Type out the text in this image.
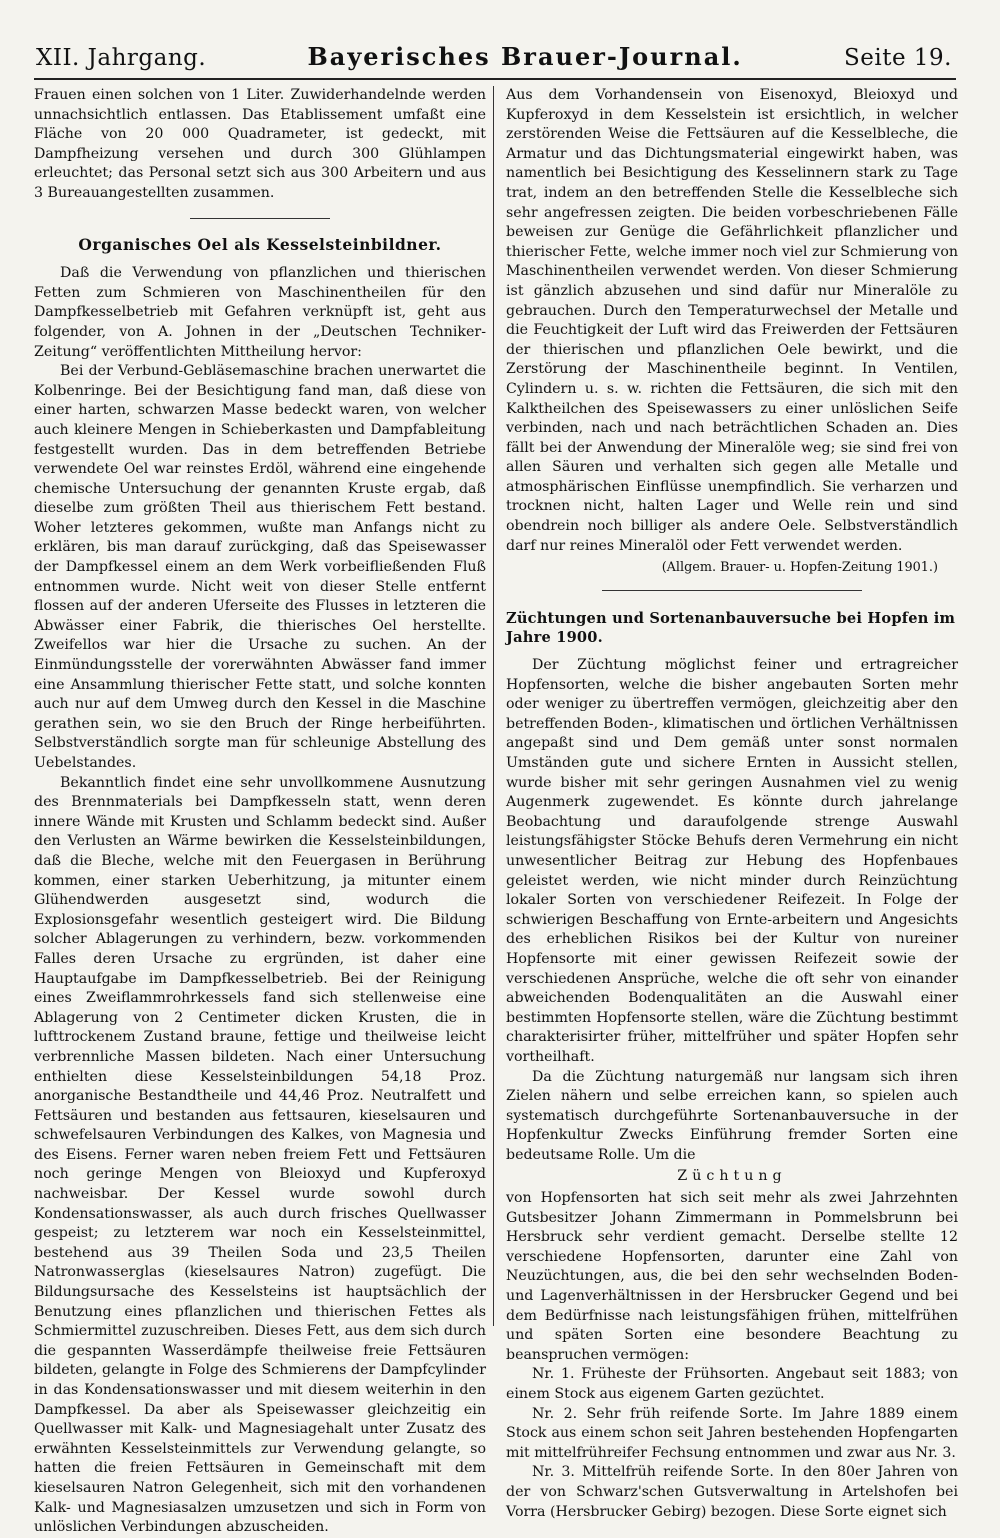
XII. Jahrgang.	Bayerisches Brauer-Journal.	Seite 19.

Frauen einen solchen von 1 Liter. Zuwiderhandelnde werden unnachsichtlich entlassen. Das Etablissement umfaßt eine Fläche von 20 000 Quadrameter, ist gedeckt, mit Dampfheizung versehen und durch 300 Glühlampen erleuchtet; das Personal setzt sich aus 300 Arbeitern und aus 3 Bureauangestellten zusammen.

Organisches Oel als Kesselsteinbildner.

Daß die Verwendung von pflanzlichen und thierischen Fetten zum Schmieren von Maschinentheilen für den Dampfkesselbetrieb mit Gefahren verknüpft ist, geht aus folgender, von A. Johnen in der „Deutschen Techniker-Zeitung“ veröffentlichten Mittheilung hervor:

Bei der Verbund-Gebläsemaschine brachen unerwartet die Kolbenringe. Bei der Besichtigung fand man, daß diese von einer harten, schwarzen Masse bedeckt waren, von welcher auch kleinere Mengen in Schieberkasten und Dampfableitung festgestellt wurden. Das in dem betreffenden Betriebe verwendete Oel war reinstes Erdöl, während eine eingehende chemische Untersuchung der genannten Kruste ergab, daß dieselbe zum größten Theil aus thierischem Fett bestand. Woher letzteres gekommen, wußte man Anfangs nicht zu erklären, bis man darauf zurückging, daß das Speisewasser der Dampfkessel einem an dem Werk vorbeifließenden Fluß entnommen wurde. Nicht weit von dieser Stelle entfernt flossen auf der anderen Uferseite des Flusses in letzteren die Abwässer einer Fabrik, die thierisches Oel herstellte. Zweifellos war hier die Ursache zu suchen. An der Einmündungsstelle der vorerwähnten Abwässer fand immer eine Ansammlung thierischer Fette statt, und solche konnten auch nur auf dem Umweg durch den Kessel in die Maschine gerathen sein, wo sie den Bruch der Ringe herbeiführten. Selbstverständlich sorgte man für schleunige Abstellung des Uebelstandes.

Bekanntlich findet eine sehr unvollkommene Ausnutzung des Brennmaterials bei Dampfkesseln statt, wenn deren innere Wände mit Krusten und Schlamm bedeckt sind. Außer den Verlusten an Wärme bewirken die Kesselsteinbildungen, daß die Bleche, welche mit den Feuergasen in Berührung kommen, einer starken Ueberhitzung, ja mitunter einem Glühendwerden ausgesetzt sind, wodurch die Explosionsgefahr wesentlich gesteigert wird. Die Bildung solcher Ablagerungen zu verhindern, bezw. vorkommenden Falles deren Ursache zu ergründen, ist daher eine Hauptaufgabe im Dampfkesselbetrieb. Bei der Reinigung eines Zweiflammrohrkessels fand sich stellenweise eine Ablagerung von 2 Centimeter dicken Krusten, die in lufttrockenem Zustand braune, fettige und theilweise leicht verbrennliche Massen bildeten. Nach einer Untersuchung enthielten diese Kesselsteinbildungen 54,18 Proz. anorganische Bestandtheile und 44,46 Proz. Neutralfett und Fettsäuren und bestanden aus fettsauren, kieselsauren und schwefelsauren Verbindungen des Kalkes, von Magnesia und des Eisens. Ferner waren neben freiem Fett und Fettsäuren noch geringe Mengen von Bleioxyd und Kupferoxyd nachweisbar. Der Kessel wurde sowohl durch Kondensationswasser, als auch durch frisches Quellwasser gespeist; zu letzterem war noch ein Kesselsteinmittel, bestehend aus 39 Theilen Soda und 23,5 Theilen Natronwasserglas (kieselsaures Natron) zugefügt. Die Bildungsursache des Kesselsteins ist hauptsächlich der Benutzung eines pflanzlichen und thierischen Fettes als Schmiermittel zuzuschreiben. Dieses Fett, aus dem sich durch die gespannten Wasserdämpfe theilweise freie Fettsäuren bildeten, gelangte in Folge des Schmierens der Dampfcylinder in das Kondensationswasser und mit diesem weiterhin in den Dampfkessel. Da aber als Speisewasser gleichzeitig ein Quellwasser mit Kalk- und Magnesiagehalt unter Zusatz des erwähnten Kesselsteinmittels zur Verwendung gelangte, so hatten die freien Fettsäuren in Gemeinschaft mit dem kieselsauren Natron Gelegenheit, sich mit den vorhandenen Kalk- und Magnesiasalzen umzusetzen und sich in Form von unlöslichen Verbindungen abzuscheiden.

Aus dem Vorhandensein von Eisenoxyd, Bleioxyd und Kupferoxyd in dem Kesselstein ist ersichtlich, in welcher zerstörenden Weise die Fettsäuren auf die Kesselbleche, die Armatur und das Dichtungsmaterial eingewirkt haben, was namentlich bei Besichtigung des Kesselinnern stark zu Tage trat, indem an den betreffenden Stelle die Kesselbleche sich sehr angefressen zeigten. Die beiden vorbeschriebenen Fälle beweisen zur Genüge die Gefährlichkeit pflanzlicher und thierischer Fette, welche immer noch viel zur Schmierung von Maschinentheilen verwendet werden. Von dieser Schmierung ist gänzlich abzusehen und sind dafür nur Mineralöle zu gebrauchen. Durch den Temperaturwechsel der Metalle und die Feuchtigkeit der Luft wird das Freiwerden der Fettsäuren der thierischen und pflanzlichen Oele bewirkt, und die Zerstörung der Maschinentheile beginnt. In Ventilen, Cylindern u. s. w. richten die Fettsäuren, die sich mit den Kalktheilchen des Speisewassers zu einer unlöslichen Seife verbinden, nach und nach beträchtlichen Schaden an. Dies fällt bei der Anwendung der Mineralöle weg; sie sind frei von allen Säuren und verhalten sich gegen alle Metalle und atmosphärischen Einflüsse unempfindlich. Sie verharzen und trocknen nicht, halten Lager und Welle rein und sind obendrein noch billiger als andere Oele. Selbstverständlich darf nur reines Mineralöl oder Fett verwendet werden.

(Allgem. Brauer- u. Hopfen-Zeitung 1901.)
Züchtungen und Sortenanbauversuche bei Hopfen im Jahre 1900.

Der Züchtung möglichst feiner und ertragreicher Hopfensorten, welche die bisher angebauten Sorten mehr oder weniger zu übertreffen vermögen, gleichzeitig aber den betreffenden Boden-, klimatischen und örtlichen Verhältnissen angepaßt sind und Dem gemäß unter sonst normalen Umständen gute und sichere Ernten in Aussicht stellen, wurde bisher mit sehr geringen Ausnahmen viel zu wenig Augenmerk zugewendet. Es könnte durch jahrelange Beobachtung und daraufolgende strenge Auswahl leistungsfähigster Stöcke Behufs deren Vermehrung ein nicht unwesentlicher Beitrag zur Hebung des Hopfenbaues geleistet werden, wie nicht minder durch Reinzüchtung lokaler Sorten von verschiedener Reifezeit. In Folge der schwierigen Beschaffung von Ernte-arbeitern und Angesichts des erheblichen Risikos bei der Kultur von nureiner Hopfensorte mit einer gewissen Reifezeit sowie der verschiedenen Ansprüche, welche die oft sehr von einander abweichenden Bodenqualitäten an die Auswahl einer bestimmten Hopfensorte stellen, wäre die Züchtung bestimmt charakterisirter früher, mittelfrüher und später Hopfen sehr vortheilhaft.

Da die Züchtung naturgemäß nur langsam sich ihren Zielen nähern und selbe erreichen kann, so spielen auch systematisch durchgeführte Sortenanbauversuche in der Hopfenkultur Zwecks Einführung fremder Sorten eine bedeutsame Rolle. Um die

Züchtung

von Hopfensorten hat sich seit mehr als zwei Jahrzehnten Gutsbesitzer Johann Zimmermann in Pommelsbrunn bei Hersbruck sehr verdient gemacht. Derselbe stellte 12 verschiedene Hopfensorten, darunter eine Zahl von Neuzüchtungen, aus, die bei den sehr wechselnden Boden- und Lagenverhältnissen in der Hersbrucker Gegend und bei dem Bedürfnisse nach leistungsfähigen frühen, mittelfrühen und späten Sorten eine besondere Beachtung zu beanspruchen vermögen:

Nr. 1. Früheste der Frühsorten. Angebaut seit 1883; von einem Stock aus eigenem Garten gezüchtet.

Nr. 2. Sehr früh reifende Sorte. Im Jahre 1889 einem Stock aus einem schon seit Jahren bestehenden Hopfengarten mit mittelfrühreifer Fechsung entnommen und zwar aus Nr. 3.

Nr. 3. Mittelfrüh reifende Sorte. In den 80er Jahren von der von Schwarz'schen Gutsverwaltung in Artelshofen bei Vorra (Hersbrucker Gebirg) bezogen. Diese Sorte eignet sich
